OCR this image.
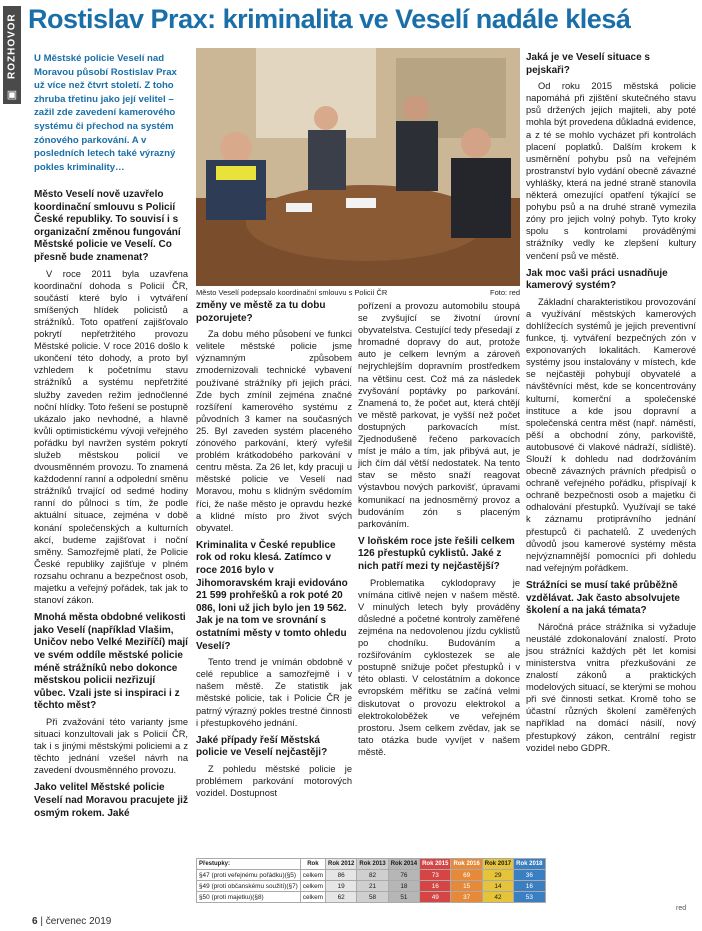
ROZHOVOR
▣
Rostislav Prax: kriminalita ve Veselí nadále klesá
U Městské policie Veselí nad Moravou působí Rostislav Prax už více než čtvrt století. Z toho zhruba třetinu jako její velitel – zažil zde zavedení kamerového systému či přechod na systém zónového parkování. A v posledních letech také výrazný pokles kriminality…
Město Veselí podepsalo koordinační smlouvu s Policií ČR	Foto: red

Město Veselí nově uzavřelo koordinační smlouvu s Policií České republiky. To souvisí i s organizační změnou fungování Městské policie ve Veselí. Co přesně bude znamenat?

V roce 2011 byla uzavřena koordinační dohoda s Policií ČR, součástí které bylo i vytváření smíšených hlídek policistů a strážníků. Toto opatření zajišťovalo pokrytí nepřetržitého provozu Městské policie. V roce 2016 došlo k ukončení této dohody, a proto byl vzhledem k početnímu stavu strážníků a systému nepřetržité služby zaveden režim jednočlenné noční hlídky. Toto řešení se postupně ukázalo jako nevhodné, a hlavně kvůli optimistickému vývoji veřejného pořádku byl navržen systém pokrytí služeb městskou policií ve dvousměnném provozu. To znamená každodenní ranní a odpolední směnu strážníků trvající od sedmé hodiny ranní do půlnoci s tím, že podle aktuální situace, zejména v době konání společenských a kulturních akcí, budeme zajišťovat i noční směny. Samozřejmě platí, že Policie České republiky zajišťuje v plném rozsahu ochranu a bezpečnost osob, majetku a veřejný pořádek, tak jak to stanoví zákon.

Mnohá města obdobné velikosti jako Veselí (například Vlašim, Uničov nebo Velké Meziříčí) mají ve svém oddíle městské policie méně strážníků nebo dokonce městskou policii nezřizují vůbec. Vzali jste si inspiraci i z těchto měst?

Při zvažování této varianty jsme situaci konzultovali jak s Policií ČR, tak i s jinými městskými policiemi a z těchto jednání vzešel návrh na zavedení dvousměnného provozu.

Jako velitel Městské policie Veselí nad Moravou pracujete již osmým rokem. Jaké

změny ve městě za tu dobu pozorujete?

Za dobu mého působení ve funkci velitele městské policie jsme významným způsobem zmodernizovali technické vybavení používané strážníky při jejich práci. Zde bych zmínil zejména značné rozšíření kamerového systému z původních 3 kamer na současných 25. Byl zaveden systém placeného zónového parkování, který vyřešil problém krátkodobého parkování v centru města. Za 26 let, kdy pracuji u městské policie ve Veselí nad Moravou, mohu s klidným svědomím říci, že naše město je opravdu hezké a klidné místo pro život svých obyvatel.

Kriminalita v České republice rok od roku klesá. Zatímco v roce 2016 bylo v Jihomoravském kraji evidováno 21 599 prohřešků a rok poté 20 086, loni už jich bylo jen 19 562. Jak je na tom ve srovnání s ostatními městy v tomto ohledu Veselí?

Tento trend je vnímán obdobně v celé republice a samozřejmě i v našem městě. Ze statistik jak městské policie, tak i Policie ČR je patrný výrazný pokles trestné činnosti i přestupkového jednání.

Jaké případy řeší Městská policie ve Veselí nejčastěji?

Z pohledu městské policie je problémem parkování motorových vozidel. Dostupnost

pořízení a provozu automobilu stoupá se zvyšující se životní úrovní obyvatelstva. Cestující tedy přesedají z hromadné dopravy do aut, protože auto je celkem levným a zároveň nejrychlejším dopravním prostředkem na většinu cest. Což má za následek zvyšování poptávky po parkování. Znamená to, že počet aut, která chtějí ve městě parkovat, je vyšší než počet dostupných parkovacích míst. Zjednodušeně řečeno parkovacích míst je málo a tím, jak přibývá aut, je jich čím dál větší nedostatek. Na tento stav se město snaží reagovat výstavbou nových parkovišť, úpravami komunikací na jednosměrný provoz a budováním zón s placeným parkováním.

V loňském roce jste řešili celkem 126 přestupků cyklistů. Jaké z nich patří mezi ty nejčastější?

Problematika cyklodopravy je vnímána citlivě nejen v našem městě. V minulých letech byly prováděny důsledné a početné kontroly zaměřené zejména na nedovolenou jízdu cyklistů po chodníku. Budováním a rozšiřováním cyklostezek se ale postupně snižuje počet přestupků i v této oblasti. V celostátním a dokonce evropském měřítku se začíná velmi diskutovat o provozu elektrokol a elektrokoloběžek ve veřejném prostoru. Jsem celkem zvědav, jak se tato otázka bude vyvíjet v našem městě.

Jaká je ve Veselí situace s pejskaři?

Od roku 2015 městská policie napomáhá při zjištění skutečného stavu psů držených jejich majiteli, aby poté mohla být provedena důkladná evidence, a z té se mohlo vycházet při kontrolách placení poplatků. Dalším krokem k usměrnění pohybu psů na veřejném prostranství bylo vydání obecně závazné vyhlášky, která na jedné straně stanovila některá omezující opatření týkající se pohybu psů a na druhé straně vymezila zóny pro jejich volný pohyb. Tyto kroky spolu s kontrolami prováděnými strážníky vedly ke zlepšení kultury venčení psů ve městě.

Jak moc vaši práci usnadňuje kamerový systém?

Základní charakteristikou provozování a využívání městských kamerových dohlížecích systémů je jejich preventivní funkce, tj. vytváření bezpečných zón v exponovaných lokalitách. Kamerové systémy jsou instalovány v místech, kde se nejčastěji pohybují obyvatelé a návštěvníci měst, kde se koncentrovány kulturní, komerční a společenské instituce a kde jsou dopravní a společenská centra měst (např. náměstí, pěší a obchodní zóny, parkoviště, autobusové či vlakové nádraží, sídliště). Slouží k dohledu nad dodržováním obecně závazných právních předpisů o ochraně veřejného pořádku, přispívají k ochraně bezpečnosti osob a majetku či odhalování přestupků. Využívají se také k záznamu protiprávního jednání přestupců či pachatelů. Z uvedených důvodů jsou kamerové systémy města nejvýznamnější pomocníci při dohledu nad veřejným pořádkem.

Strážníci se musí také průběžně vzdělávat. Jak často absolvujete školení a na jaká témata?

Náročná práce strážníka si vyžaduje neustálé zdokonalování znalostí. Proto jsou strážníci každých pět let komisi ministerstva vnitra přezkušováni ze znalostí zákonů a praktických modelových situací, se kterými se mohou při své činnosti setkat. Kromě toho se účastní různých školení zaměřených například na domácí násilí, nový přestupkový zákon, centrální registr vozidel nebo GDPR.

Přestupky:	Rok	Rok 2012	Rok 2013	Rok 2014	Rok 2015	Rok 2016	Rok 2017	Rok 2018
§47 (proti veřejnému pořádku)(§5)	celkem	86	82	76	73	69	29	36
§49 (proti občanskému soužití)(§7)	celkem	19	21	18	16	15	14	16
§50 (proti majetku)(§8)	celkem	62	58	51	49	37	42	53
red
6 | červenec 2019
